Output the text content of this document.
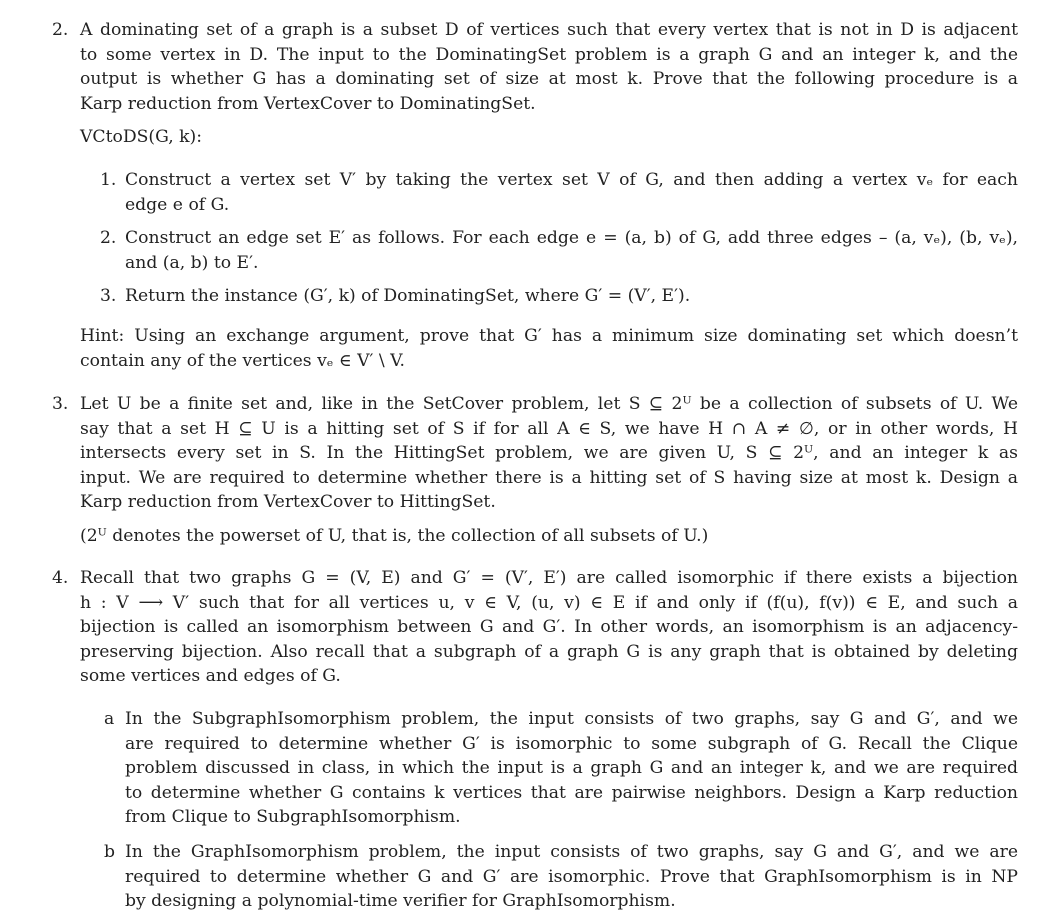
2. A dominating set of a graph is a subset D of vertices such that every vertex that is not in D is adjacent
to some vertex in D. The input to the DominatingSet problem is a graph G and an integer k, and the
output is whether G has a dominating set of size at most k. Prove that the following procedure is a
Karp reduction from VertexCover to DominatingSet.
VCtoDS(G, k):
1. Construct a vertex set V′ by taking the vertex set V of G, and then adding a vertex vₑ for each
edge e of G.
2. Construct an edge set E′ as follows. For each edge e = (a, b) of G, add three edges – (a, vₑ), (b, vₑ),
and (a, b) to E′.
3. Return the instance (G′, k) of DominatingSet, where G′ = (V′, E′).
Hint: Using an exchange argument, prove that G′ has a minimum size dominating set which doesn’t
contain any of the vertices vₑ ∈ V′ \ V.
3. Let U be a finite set and, like in the SetCover problem, let S ⊆ 2ᵁ be a collection of subsets of U. We
say that a set H ⊆ U is a hitting set of S if for all A ∈ S, we have H ∩ A ≠ ∅, or in other words, H
intersects every set in S. In the HittingSet problem, we are given U, S ⊆ 2ᵁ, and an integer k as
input. We are required to determine whether there is a hitting set of S having size at most k. Design a
Karp reduction from VertexCover to HittingSet.
(2ᵁ denotes the powerset of U, that is, the collection of all subsets of U.)
4. Recall that two graphs G = (V, E) and G′ = (V′, E′) are called isomorphic if there exists a bijection
h : V ⟶ V′ such that for all vertices u, v ∈ V, (u, v) ∈ E if and only if (f(u), f(v)) ∈ E, and such a
bijection is called an isomorphism between G and G′. In other words, an isomorphism is an adjacency-
preserving bijection. Also recall that a subgraph of a graph G is any graph that is obtained by deleting
some vertices and edges of G.
a In the SubgraphIsomorphism problem, the input consists of two graphs, say G and G′, and we
are required to determine whether G′ is isomorphic to some subgraph of G. Recall the Clique
problem discussed in class, in which the input is a graph G and an integer k, and we are required
to determine whether G contains k vertices that are pairwise neighbors. Design a Karp reduction
from Clique to SubgraphIsomorphism.
b In the GraphIsomorphism problem, the input consists of two graphs, say G and G′, and we are
required to determine whether G and G′ are isomorphic. Prove that GraphIsomorphism is in NP
by designing a polynomial-time verifier for GraphIsomorphism.
